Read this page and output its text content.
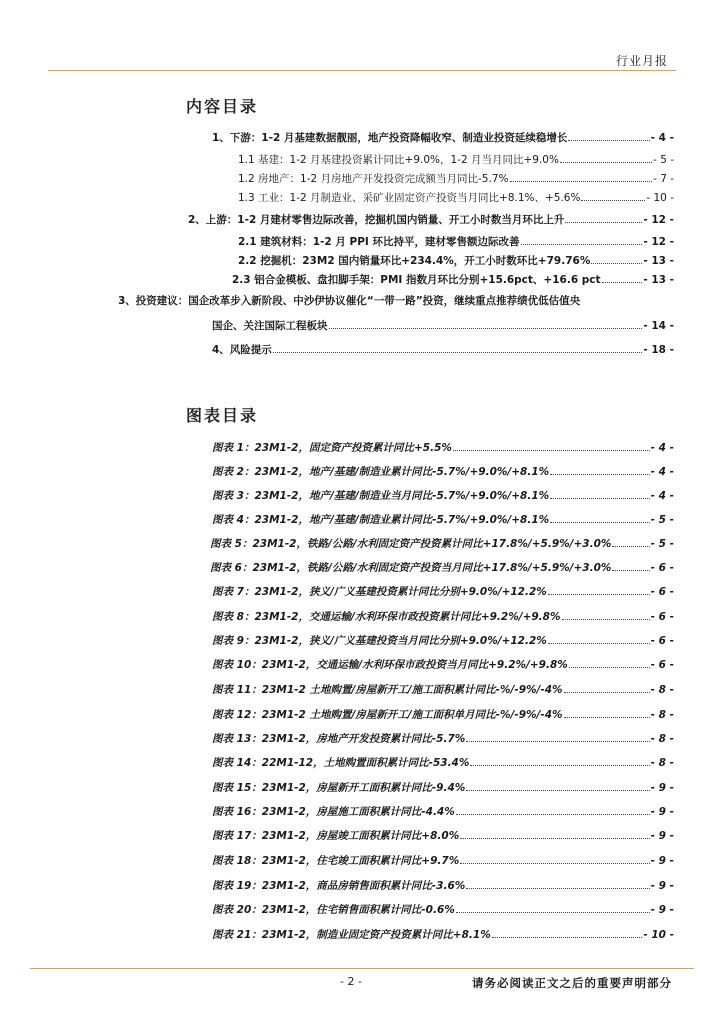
行业月报
内容目录
1、下游：1-2 月基建数据靓丽，地产投资降幅收窄、制造业投资延续稳增长	- 4 -
1.1 基建：1-2 月基建投资累计同比+9.0%，1-2 月当月同比+9.0%	- 5 -
1.2 房地产：1-2 月房地产开发投资完成额当月同比-5.7%	- 7 -
1.3 工业：1-2 月制造业、采矿业固定资产投资当月同比+8.1%、+5.6%	- 10 -
2、上游：1-2 月建材零售边际改善，挖掘机国内销量、开工小时数当月环比上升	- 12 -
2.1 建筑材料：1-2 月 PPI 环比持平，建材零售额边际改善	- 12 -
2.2 挖掘机：23M2 国内销量环比+234.4%，开工小时数环比+79.76%	- 13 -
2.3 铝合金模板、盘扣脚手架：PMI 指数月环比分别+15.6pct、+16.6 pct	- 13 -
3、投资建议：国企改革步入新阶段、中沙伊协议催化“一带一路”投资，继续重点推荐绩优低估值央
国企、关注国际工程板块	- 14 -
4、风险提示	- 18 -
图表目录
图表 1：23M1-2，固定资产投资累计同比+5.5%	- 4 -
图表 2：23M1-2，地产/基建/制造业累计同比-5.7%/+9.0%/+8.1%	- 4 -
图表 3：23M1-2，地产/基建/制造业当月同比-5.7%/+9.0%/+8.1%	- 4 -
图表 4：23M1-2，地产/基建/制造业累计同比-5.7%/+9.0%/+8.1%	- 5 -
图表 5：23M1-2，铁路/公路/水利固定资产投资累计同比+17.8%/+5.9%/+3.0%	- 5 -
图表 6：23M1-2，铁路/公路/水利固定资产投资当月同比+17.8%/+5.9%/+3.0%	- 6 -
图表 7：23M1-2，狭义/广义基建投资累计同比分别+9.0%/+12.2%	- 6 -
图表 8：23M1-2，交通运输/水利环保市政投资累计同比+9.2%/+9.8%	- 6 -
图表 9：23M1-2，狭义/广义基建投资当月同比分别+9.0%/+12.2%	- 6 -
图表 10：23M1-2，交通运输/水利环保市政投资当月同比+9.2%/+9.8%	- 6 -
图表 11：23M1-2 土地购置/房屋新开工/施工面积累计同比-%/-9%/-4%	- 8 -
图表 12：23M1-2 土地购置/房屋新开工/施工面积单月同比-%/-9%/-4%	- 8 -
图表 13：23M1-2，房地产开发投资累计同比-5.7%	- 8 -
图表 14：22M1-12，土地购置面积累计同比-53.4%	- 8 -
图表 15：23M1-2，房屋新开工面积累计同比-9.4%	- 9 -
图表 16：23M1-2，房屋施工面积累计同比-4.4%	- 9 -
图表 17：23M1-2，房屋竣工面积累计同比+8.0%	- 9 -
图表 18：23M1-2，住宅竣工面积累计同比+9.7%	- 9 -
图表 19：23M1-2，商品房销售面积累计同比-3.6%	- 9 -
图表 20：23M1-2，住宅销售面积累计同比-0.6%	- 9 -
图表 21：23M1-2，制造业固定资产投资累计同比+8.1%	- 10 -
- 2 -	请务必阅读正文之后的重要声明部分
